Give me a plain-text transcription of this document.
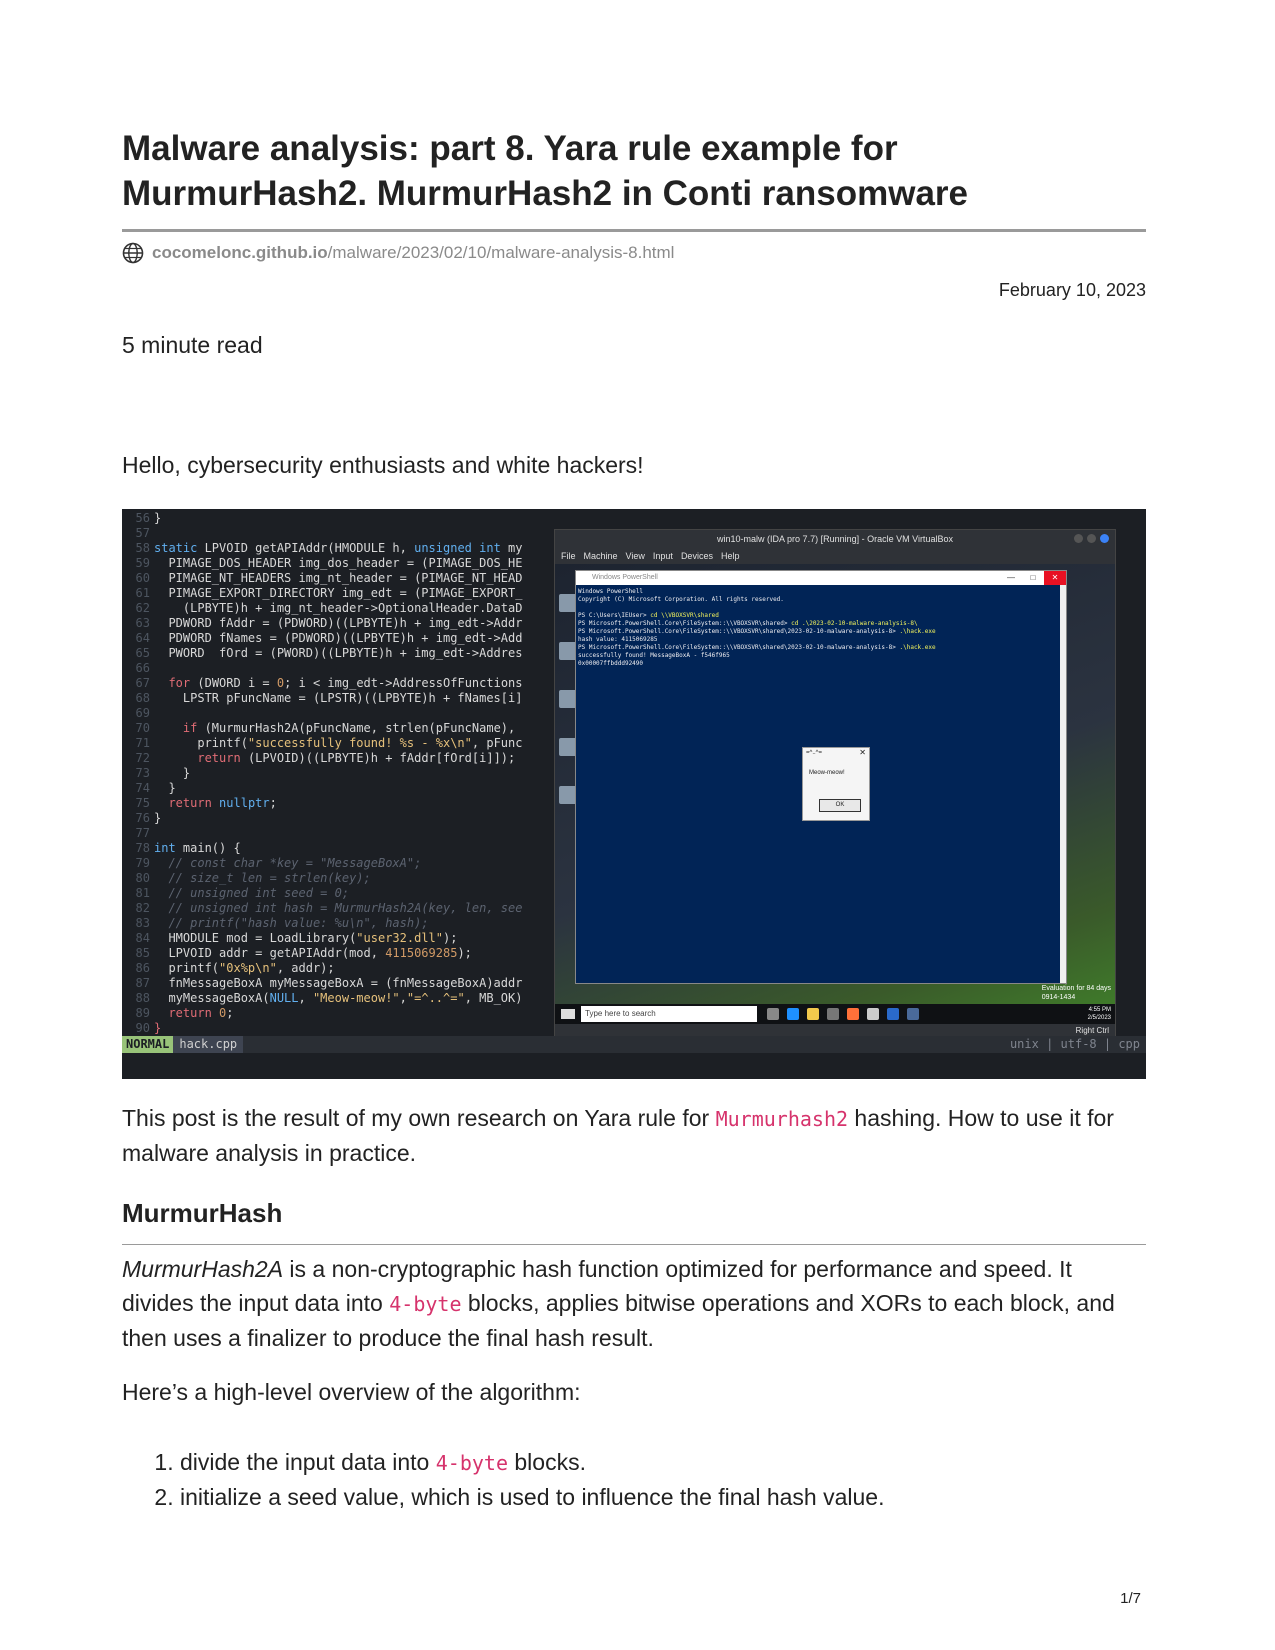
Malware analysis: part 8. Yara rule example for MurmurHash2. MurmurHash2 in Conti ransomware
cocomelonc.github.io /malware/2023/02/10/malware-analysis-8.html
February 10, 2023
5 minute read
Hello, cybersecurity enthusiasts and white hackers!
56 }
57
58 static LPVOID getAPIAddr(HMODULE h, unsigned int my
59  PIMAGE_DOS_HEADER img_dos_header = (PIMAGE_DOS_HE
60  PIMAGE_NT_HEADERS img_nt_header = (PIMAGE_NT_HEAD
61  PIMAGE_EXPORT_DIRECTORY img_edt = (PIMAGE_EXPORT_
62	(LPBYTE)h + img_nt_header->OptionalHeader.DataD
63  PDWORD fAddr = (PDWORD)((LPBYTE)h + img_edt->Addr
64  PDWORD fNames = (PDWORD)((LPBYTE)h + img_edt->Add
65  PWORD  fOrd = (PWORD)((LPBYTE)h + img_edt->Addres
66
67 for (DWORD i = 0; i < img_edt->AddressOfFunctions
68	LPSTR pFuncName = (LPSTR)((LPBYTE)h + fNames[i]
69
70	if (MurmurHash2A(pFuncName, strlen(pFuncName),
71      printf("successfully found! %s - %x\n", pFunc
72	return (LPVOID)((LPBYTE)h + fAddr[fOrd[i]]);
73	}
74  }
75 return nullptr;
76 }
77
78 int main() {
79 // const char *key = "MessageBoxA";
80 // size_t len = strlen(key);
81 // unsigned int seed = 0;
82 // unsigned int hash = MurmurHash2A(key, len, see
83 // printf("hash value: %u\n", hash);
84  HMODULE mod = LoadLibrary("user32.dll");
85  LPVOID addr = getAPIAddr(mod, 4115069285);
86  printf("0x%p\n", addr);
87  fnMessageBoxA myMessageBoxA = (fnMessageBoxA)addr
88  myMessageBoxA(NULL, "Meow-meow!","=^..^=", MB_OK)
89 return 0;
90 }
win10-malw (IDA pro 7.7) [Running] - Oracle VM VirtualBox
File Machine View Input Devices Help
Windows PowerShell	—	□	✕
Windows PowerShell
Copyright (C) Microsoft Corporation. All rights reserved.

PS C:\Users\IEUser> cd \\VBOXSVR\shared
PS Microsoft.PowerShell.Core\FileSystem::\\VBOXSVR\shared> cd .\2023-02-10-malware-analysis-8\
PS Microsoft.PowerShell.Core\FileSystem::\\VBOXSVR\shared\2023-02-10-malware-analysis-8> .\hack.exe
hash value: 4115069285
PS Microsoft.PowerShell.Core\FileSystem::\\VBOXSVR\shared\2023-02-10-malware-analysis-8> .\hack.exe
successfully found! MessageBoxA - f546f965
0x00007ffbddd92490
=^..^=	✕
Meow-meow!
OK
Evaluation for 84 days
0914-1434
Type here to search	4:55 PM
2/5/2023
Right Ctrl
NORMAL hack.cpp	unix | utf-8 | cpp

This post is the result of my own research on Yara rule for Murmurhash2 hashing. How to use it for malware analysis in practice.

MurmurHash

MurmurHash2A is a non-cryptographic hash function optimized for performance and speed. It divides the input data into 4-byte blocks, applies bitwise operations and XORs to each block, and then uses a finalizer to produce the final hash result.

Here’s a high-level overview of the algorithm:

1. divide the input data into 4-byte blocks.
2. initialize a seed value, which is used to influence the final hash value.
1/7
